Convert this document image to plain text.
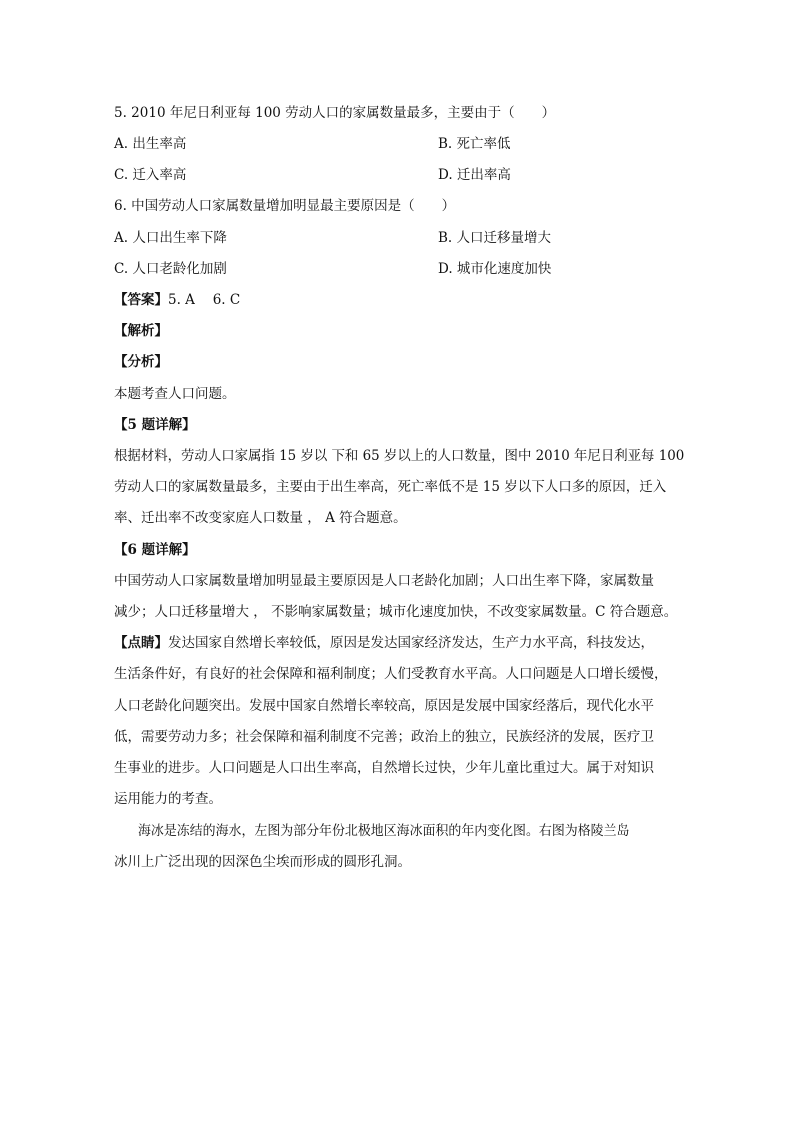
5. 2010 年尼日利亚每 100 劳动人口的家属数量最多，主要由于（　　）
A. 出生率高	B. 死亡率低
C. 迁入率高	D. 迁出率高
6. 中国劳动人口家属数量增加明显最主要原因是（　　）
A. 人口出生率下降	B. 人口迁移量增大
C. 人口老龄化加剧	D. 城市化速度加快
【答案】5. A　 6. C
【解析】
【分析】
本题考查人口问题。
【5 题详解】
根据材料，劳动人口家属指 15 岁以 下和 65 岁以上的人口数量，图中 2010 年尼日利亚每 100
劳动人口的家属数量最多，主要由于出生率高，死亡率低不是 15 岁以下人口多的原因，迁入
率、迁出率不改变家庭人口数量 ， A 符合题意。
【6 题详解】
中国劳动人口家属数量增加明显最主要原因是人口老龄化加剧；人口出生率下降，家属数量
减少；人口迁移量增大 ， 不影响家属数量；城市化速度加快，不改变家属数量。C 符合题意。
【点睛】发达国家自然增长率较低，原因是发达国家经济发达，生产力水平高，科技发达，
生活条件好，有良好的社会保障和福利制度；人们受教育水平高。人口问题是人口增长缓慢，
人口老龄化问题突出。发展中国家自然增长率较高，原因是发展中国家经落后，现代化水平
低，需要劳动力多；社会保障和福利制度不完善；政治上的独立，民族经济的发展，医疗卫
生事业的进步。人口问题是人口出生率高，自然增长过快，少年儿童比重过大。属于对知识
运用能力的考查。
海冰是冻结的海水，左图为部分年份北极地区海冰面积的年内变化图。右图为格陵兰岛
冰川上广泛出现的因深色尘埃而形成的圆形孔洞。
